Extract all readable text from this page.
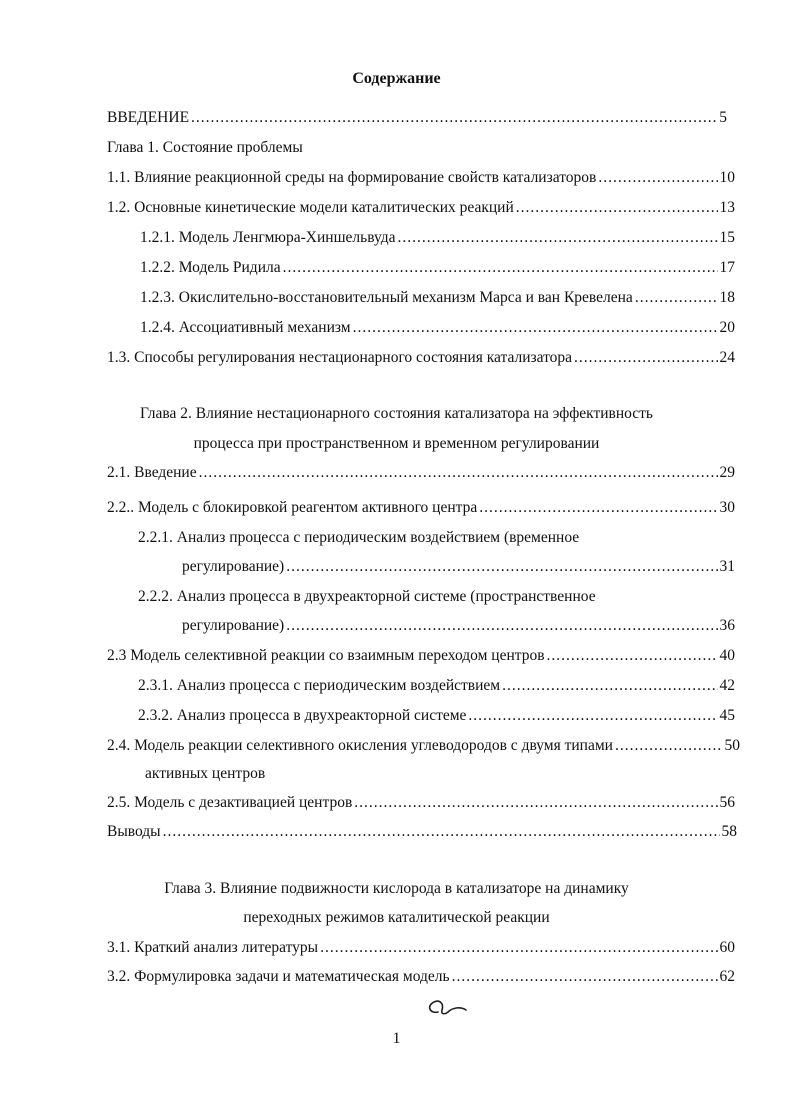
Содержание
ВВЕДЕНИЕ .....	5
Глава 1. Состояние проблемы
1.1. Влияние реакционной среды на формирование свойств катализаторов .....	10
1.2. Основные кинетические модели каталитических реакций .....	13
1.2.1. Модель Ленгмюра-Хиншельвуда .....	15
1.2.2. Модель Ридила .....	17
1.2.3. Окислительно-восстановительный механизм Марса и ван Кревелена .....	18
1.2.4. Ассоциативный механизм .....	20
1.3. Способы регулирования нестационарного состояния катализатора .....	24
Глава 2. Влияние нестационарного состояния катализатора на эффективность
процесса при пространственном и временном регулировании
2.1. Введение .....	29
2.2.. Модель с блокировкой реагентом активного центра .....	30
2.2.1. Анализ процесса с периодическим воздействием (временное
регулирование) .....	31
2.2.2. Анализ процесса в двухреакторной системе (пространственное
регулирование) .....	36
2.3 Модель селективной реакции со взаимным переходом центров .....	40
2.3.1. Анализ процесса с периодическим воздействием .....	42
2.3.2. Анализ процесса в двухреакторной системе .....	45
2.4. Модель реакции селективного окисления углеводородов с двумя типами .....	50
активных центров
2.5. Модель с дезактивацией центров .....	56
Выводы .....	58
Глава 3. Влияние подвижности кислорода в катализаторе на динамику
переходных режимов каталитической реакции
3.1. Краткий анализ литературы .....	60
3.2. Формулировка задачи и математическая модель .....	62
1
